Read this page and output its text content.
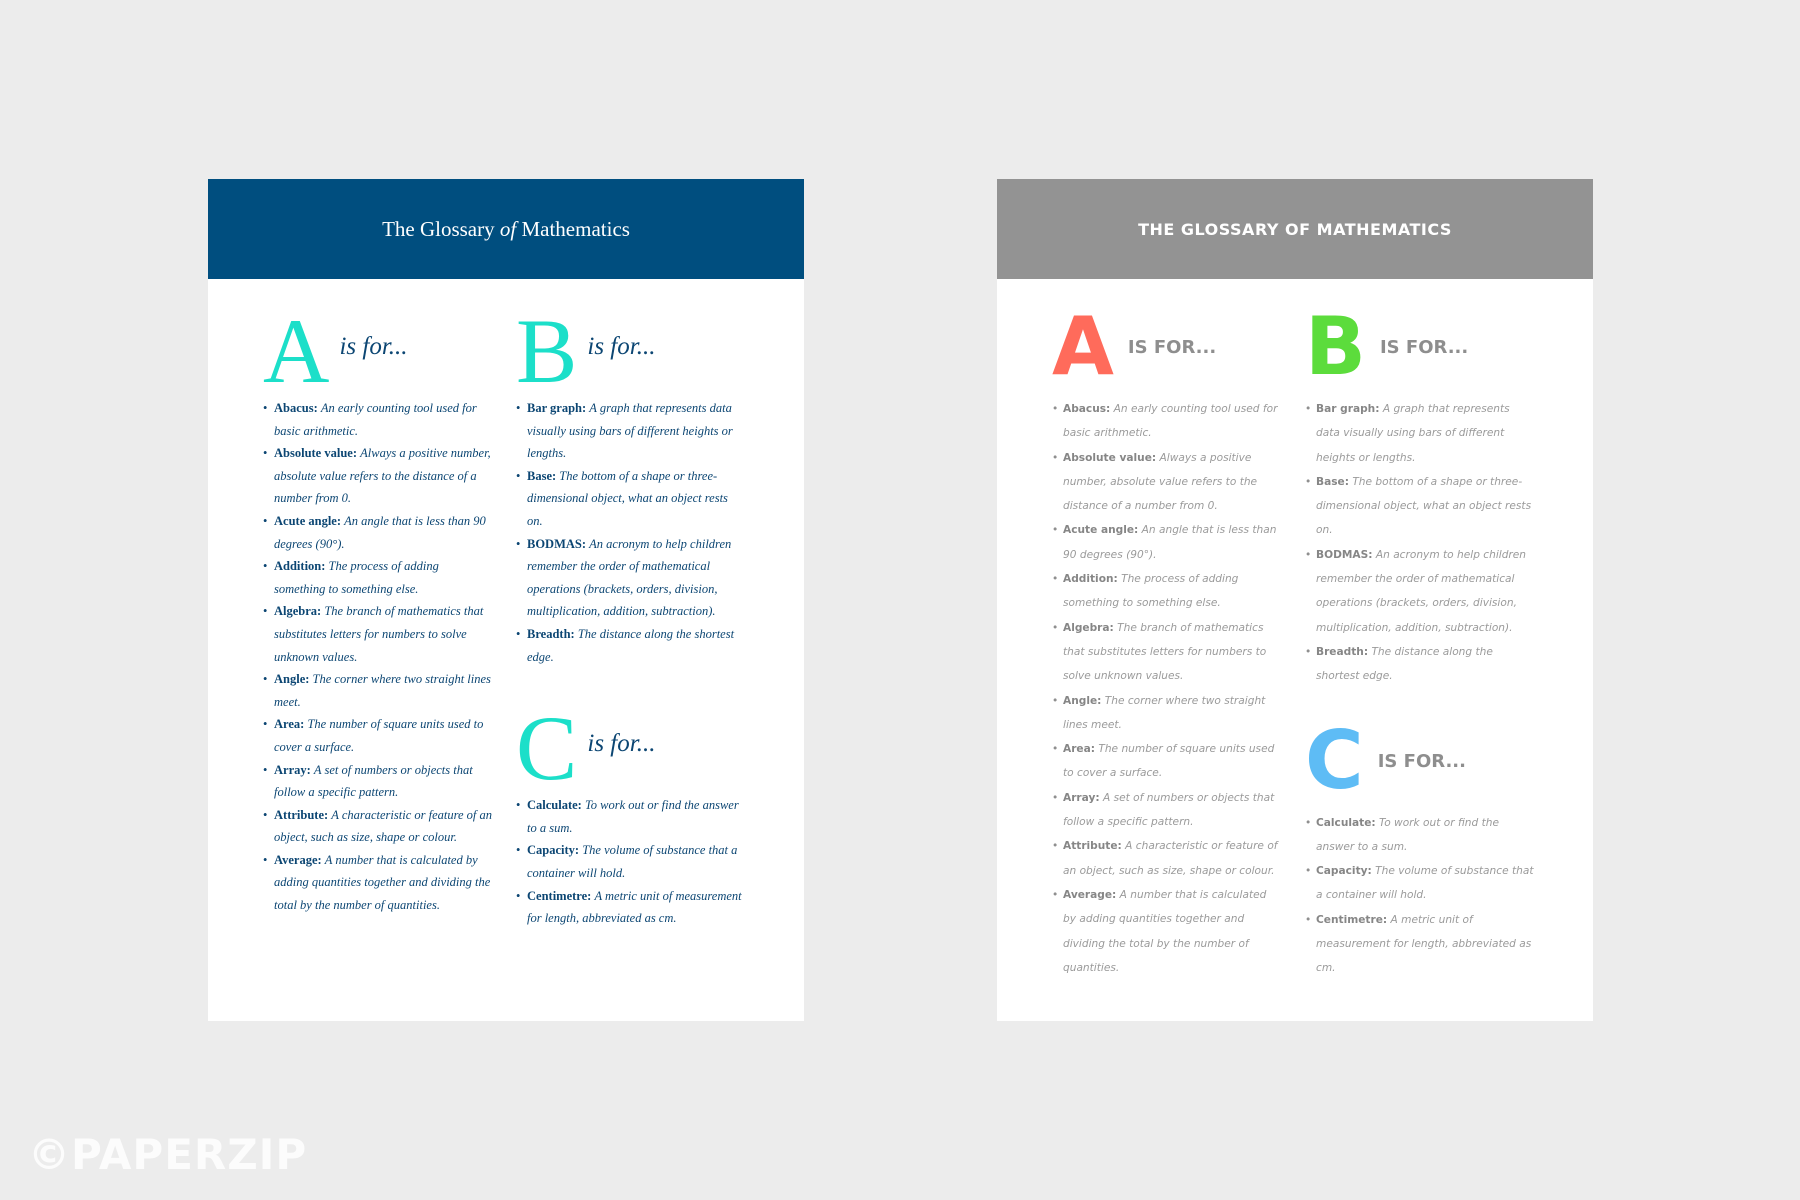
The Glossary of Mathematics
A is for...
• Abacus: An early counting tool used for basic arithmetic.
• Absolute value: Always a positive number, absolute value refers to the distance of a number from 0.
• Acute angle: An angle that is less than 90 degrees (90°).
• Addition: The process of adding something to something else.
• Algebra: The branch of mathematics that substitutes letters for numbers to solve unknown values.
• Angle: The corner where two straight lines meet.
• Area: The number of square units used to cover a surface.
• Array: A set of numbers or objects that follow a specific pattern.
• Attribute: A characteristic or feature of an object, such as size, shape or colour.
• Average: A number that is calculated by adding quantities together and dividing the total by the number of quantities.
B is for...
• Bar graph: A graph that represents data visually using bars of different heights or lengths.
• Base: The bottom of a shape or three-dimensional object, what an object rests on.
• BODMAS: An acronym to help children remember the order of mathematical operations (brackets, orders, division, multiplication, addition, subtraction).
• Breadth: The distance along the shortest edge.
C is for...
• Calculate: To work out or find the answer to a sum.
• Capacity: The volume of substance that a container will hold.
• Centimetre: A metric unit of measurement for length, abbreviated as cm.
THE GLOSSARY OF MATHEMATICS
A IS FOR...
• Abacus: An early counting tool used for basic arithmetic.
• Absolute value: Always a positive number, absolute value refers to the distance of a number from 0.
• Acute angle: An angle that is less than 90 degrees (90°).
• Addition: The process of adding something to something else.
• Algebra: The branch of mathematics that substitutes letters for numbers to solve unknown values.
• Angle: The corner where two straight lines meet.
• Area: The number of square units used to cover a surface.
• Array: A set of numbers or objects that follow a specific pattern.
• Attribute: A characteristic or feature of an object, such as size, shape or colour.
• Average: A number that is calculated by adding quantities together and dividing the total by the number of quantities.
B IS FOR...
• Bar graph: A graph that represents data visually using bars of different heights or lengths.
• Base: The bottom of a shape or three-dimensional object, what an object rests on.
• BODMAS: An acronym to help children remember the order of mathematical operations (brackets, orders, division, multiplication, addition, subtraction).
• Breadth: The distance along the shortest edge.
C IS FOR...
• Calculate: To work out or find the answer to a sum.
• Capacity: The volume of substance that a container will hold.
• Centimetre: A metric unit of measurement for length, abbreviated as cm.
©PAPERZIP
